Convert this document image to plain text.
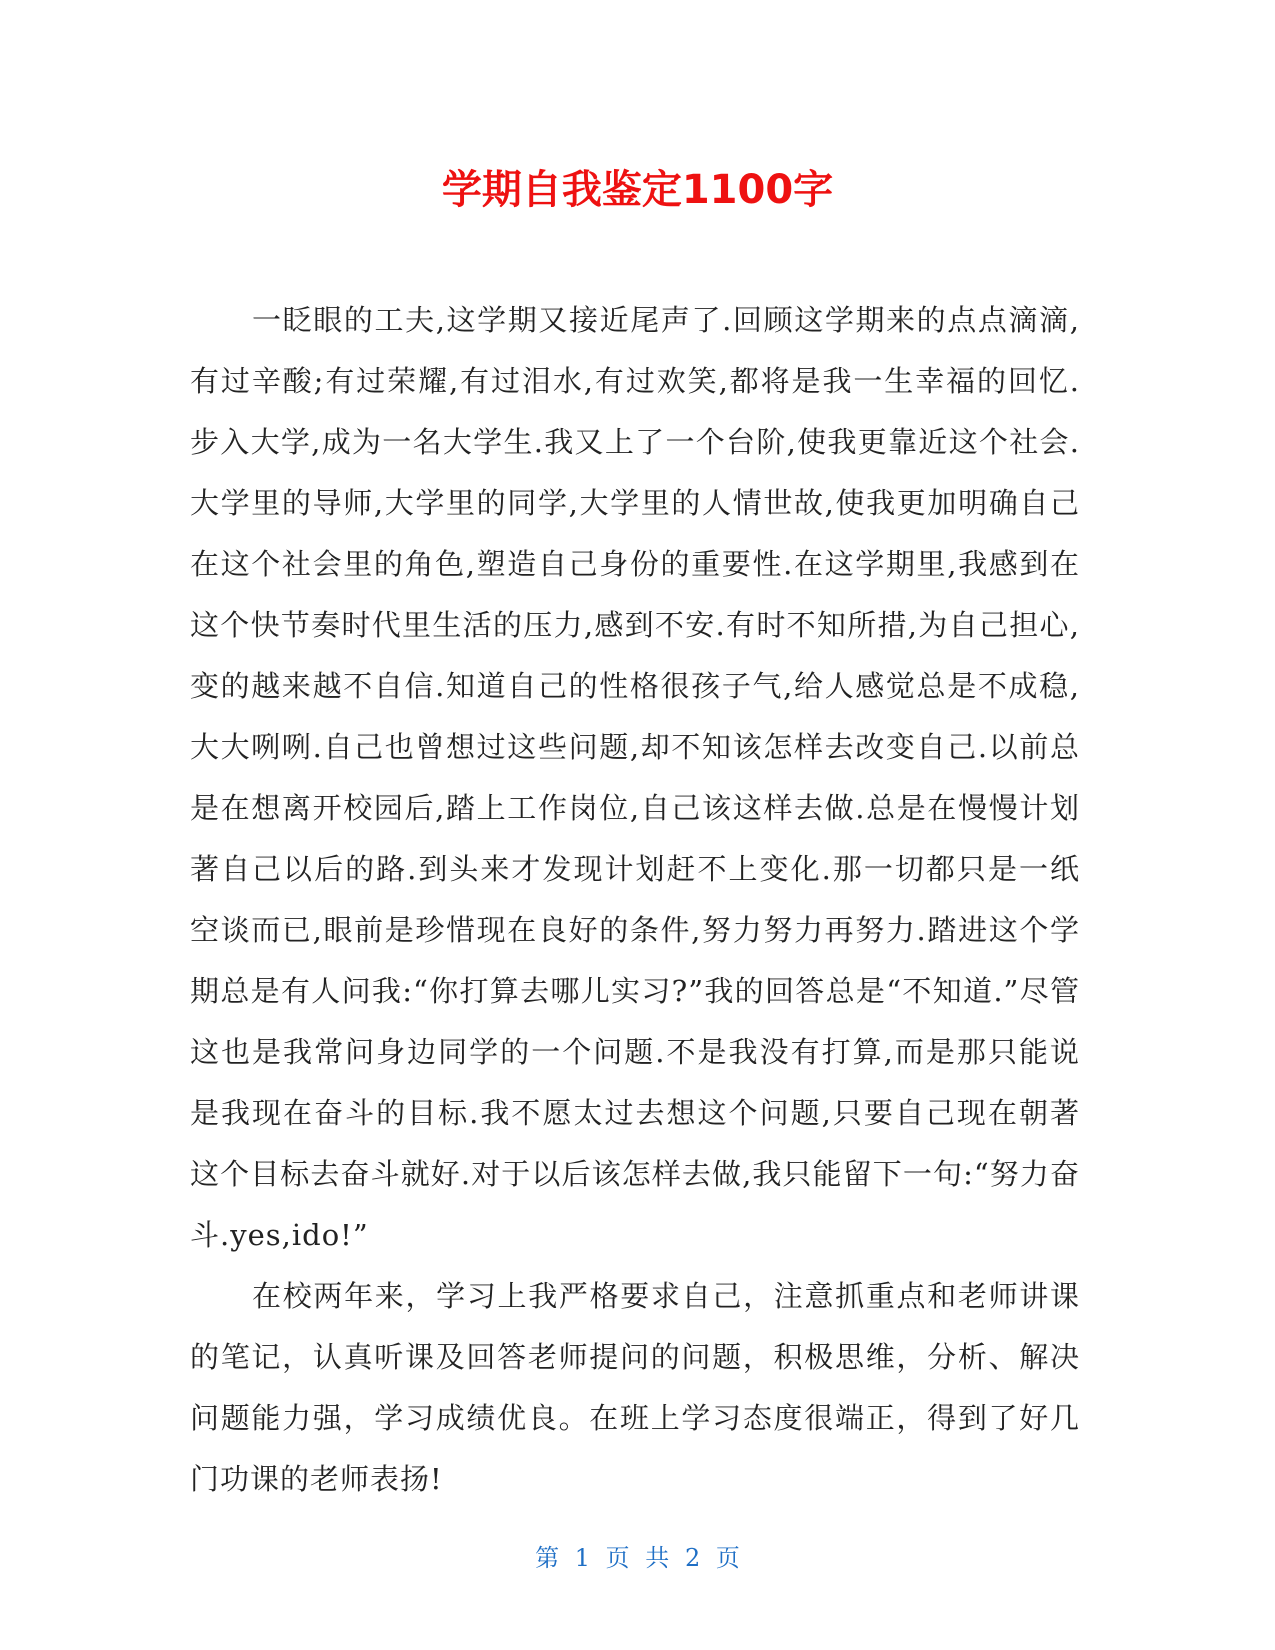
学期自我鉴定1100字

一眨眼的工夫,这学期又接近尾声了.回顾这学期来的点点滴滴,有过辛酸;有过荣耀,有过泪水,有过欢笑,都将是我一生幸福的回忆.步入大学,成为一名大学生.我又上了一个台阶,使我更靠近这个社会.大学里的导师,大学里的同学,大学里的人情世故,使我更加明确自己在这个社会里的角色,塑造自己身份的重要性.在这学期里,我感到在这个快节奏时代里生活的压力,感到不安.有时不知所措,为自己担心,变的越来越不自信.知道自己的性格很孩子气,给人感觉总是不成稳,大大咧咧.自己也曾想过这些问题,却不知该怎样去改变自己.以前总是在想离开校园后,踏上工作岗位,自己该这样去做.总是在慢慢计划著自己以后的路.到头来才发现计划赶不上变化.那一切都只是一纸空谈而已,眼前是珍惜现在良好的条件,努力努力再努力.踏进这个学期总是有人问我:“你打算去哪儿实习?”我的回答总是“不知道.”尽管这也是我常问身边同学的一个问题.不是我没有打算,而是那只能说是我现在奋斗的目标.我不愿太过去想这个问题,只要自己现在朝著这个目标去奋斗就好.对于以后该怎样去做,我只能留下一句:“努力奋斗.yes,ido!”

在校两年来，学习上我严格要求自己，注意抓重点和老师讲课的笔记，认真听课及回答老师提问的问题，积极思维，分析、解决问题能力强，学习成绩优良。在班上学习态度很端正，得到了好几门功课的老师表扬!

第 1 页 共 2 页
